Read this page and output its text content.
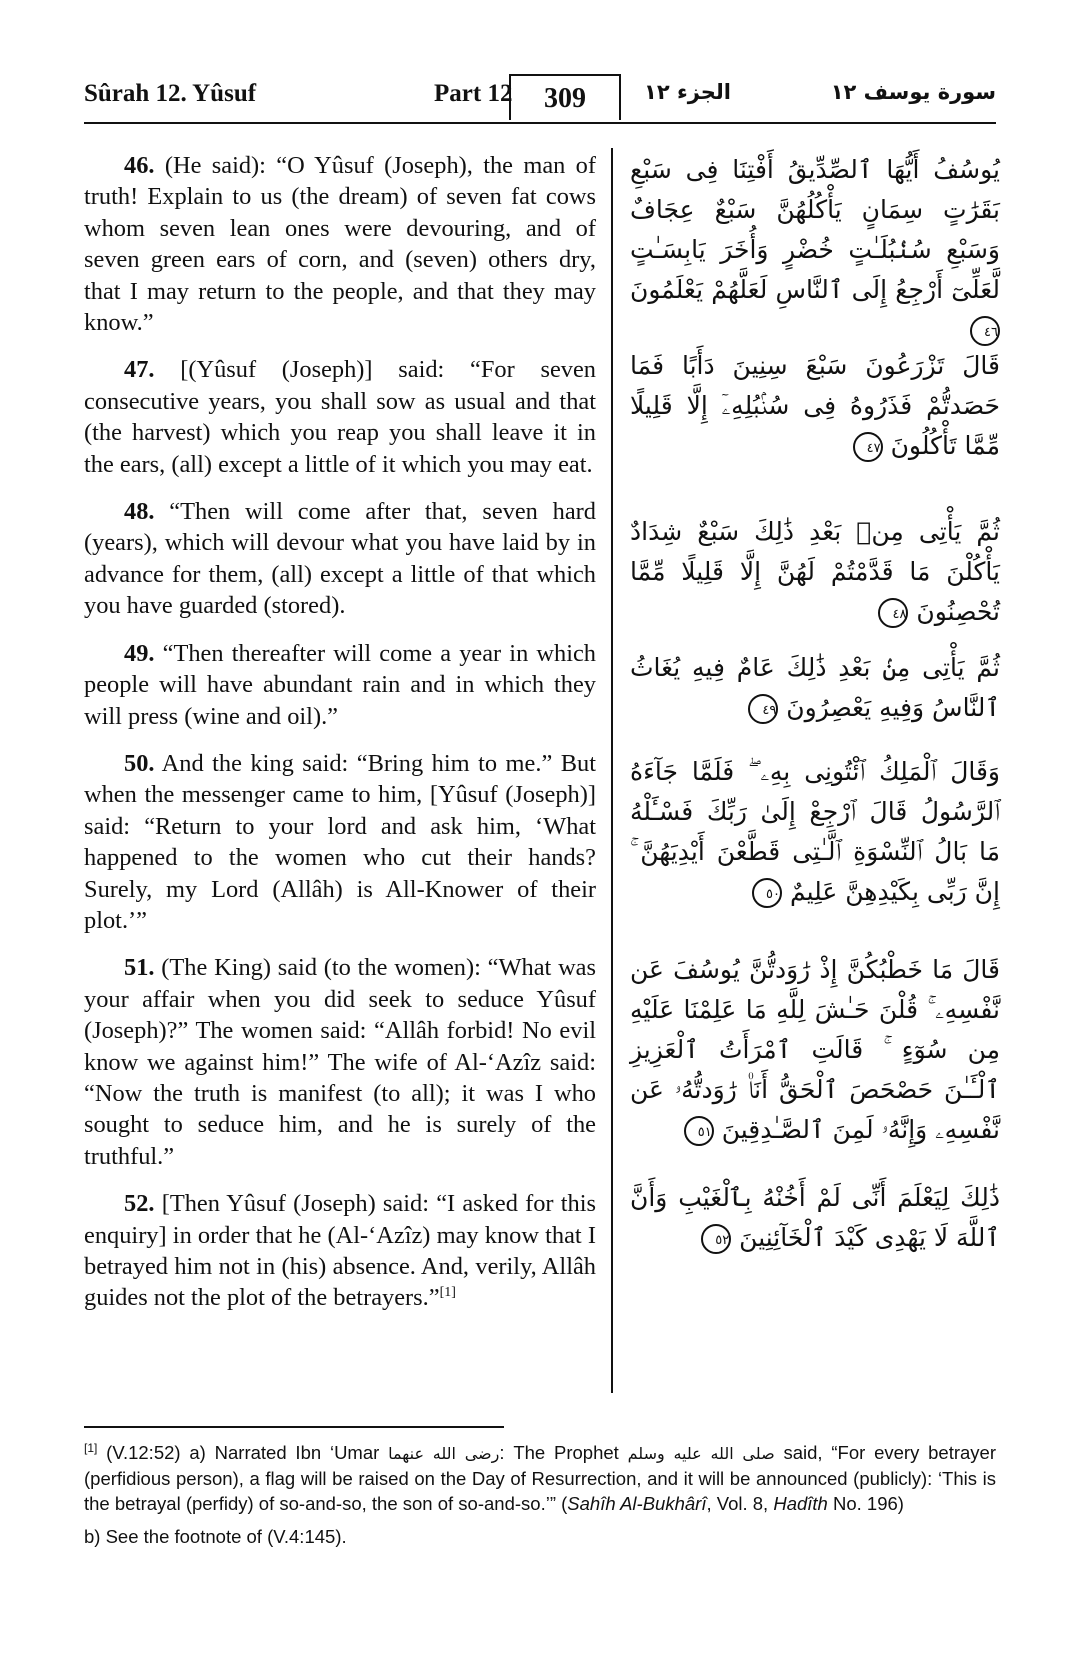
Sûrah 12. Yûsuf	Part 12	309	الجزء ١٢	سورة يوسف ١٢

46. (He said): “O Yûsuf (Joseph), the man of truth! Explain to us (the dream) of seven fat cows whom seven lean ones were devouring, and of seven green ears of corn, and (seven) others dry, that I may return to the people, and that they may know.”

47. [(Yûsuf (Joseph)] said: “For seven consecutive years, you shall sow as usual and that (the harvest) which you reap you shall leave it in the ears, (all) except a little of it which you may eat.

48. “Then will come after that, seven hard (years), which will devour what you have laid by in advance for them, (all) except a little of that which you have guarded (stored).

49. “Then thereafter will come a year in which people will have abundant rain and in which they will press (wine and oil).”

50. And the king said: “Bring him to me.” But when the messenger came to him, [Yûsuf (Joseph)] said: “Return to your lord and ask him, ‘What happened to the women who cut their hands? Surely, my Lord (Allâh) is All-Knower of their plot.’”

51. (The King) said (to the women): “What was your affair when you did seek to seduce Yûsuf (Joseph)?” The women said: “Allâh forbid! No evil know we against him!” The wife of Al-‘Azîz said: “Now the truth is manifest (to all); it was I who sought to seduce him, and he is surely of the truthful.”

52. [Then Yûsuf (Joseph) said: “I asked for this enquiry] in order that he (Al-‘Azîz) may know that I betrayed him not in (his) absence. And, verily, Allâh guides not the plot of the betrayers.”[1]

يُوسُفُ أَيُّهَا ٱلصِّدِّيقُ أَفْتِنَا فِى سَبْعِ بَقَرَٰتٍ سِمَانٍ يَأْكُلُهُنَّ سَبْعٌ عِجَافٌ وَسَبْعِ سُنۢبُلَـٰتٍ خُضْرٍ وَأُخَرَ يَابِسَـٰتٍ لَّعَلِّىٓ أَرْجِعُ إِلَى ٱلنَّاسِ لَعَلَّهُمْ يَعْلَمُونَ ٤٦
قَالَ تَزْرَعُونَ سَبْعَ سِنِينَ دَأَبًا فَمَا حَصَدتُّمْ فَذَرُوهُ فِى سُنۢبُلِهِۦٓ إِلَّا قَلِيلًا مِّمَّا تَأْكُلُونَ ٤٧
ثُمَّ يَأْتِى مِنۢ بَعْدِ ذَٰلِكَ سَبْعٌ شِدَادٌ يَأْكُلْنَ مَا قَدَّمْتُمْ لَهُنَّ إِلَّا قَلِيلًا مِّمَّا تُحْصِنُونَ ٤٨
ثُمَّ يَأْتِى مِنۢ بَعْدِ ذَٰلِكَ عَامٌ فِيهِ يُغَاثُ ٱلنَّاسُ وَفِيهِ يَعْصِرُونَ ٤٩
وَقَالَ ٱلْمَلِكُ ٱئْتُونِى بِهِۦ ۖ فَلَمَّا جَآءَهُ ٱلرَّسُولُ قَالَ ٱرْجِعْ إِلَىٰ رَبِّكَ فَسْـَٔلْهُ مَا بَالُ ٱلنِّسْوَةِ ٱلَّـٰتِى قَطَّعْنَ أَيْدِيَهُنَّ ۚ إِنَّ رَبِّى بِكَيْدِهِنَّ عَلِيمٌ ٥٠
قَالَ مَا خَطْبُكُنَّ إِذْ رَٰوَدتُّنَّ يُوسُفَ عَن نَّفْسِهِۦ ۚ قُلْنَ حَـٰشَ لِلَّهِ مَا عَلِمْنَا عَلَيْهِ مِن سُوٓءٍ ۚ قَالَتِ ٱمْرَأَتُ ٱلْعَزِيزِ ٱلْـَٔـٰنَ حَصْحَصَ ٱلْحَقُّ أَنَا۠ رَٰوَدتُّهُۥ عَن نَّفْسِهِۦ وَإِنَّهُۥ لَمِنَ ٱلصَّـٰدِقِينَ ٥١
ذَٰلِكَ لِيَعْلَمَ أَنِّى لَمْ أَخُنْهُ بِٱلْغَيْبِ وَأَنَّ ٱللَّهَ لَا يَهْدِى كَيْدَ ٱلْخَآئِنِينَ ٥٢

[1] (V.12:52) a) Narrated Ibn ‘Umar رضى الله عنهما: The Prophet صلى الله عليه وسلم said, “For every betrayer (perfidious person), a flag will be raised on the Day of Resurrection, and it will be announced (publicly): ‘This is the betrayal (perfidy) of so-and-so, the son of so-and-so.’” (Sahîh Al-Bukhârî, Vol. 8, Hadîth No. 196)

b) See the footnote of (V.4:145).
